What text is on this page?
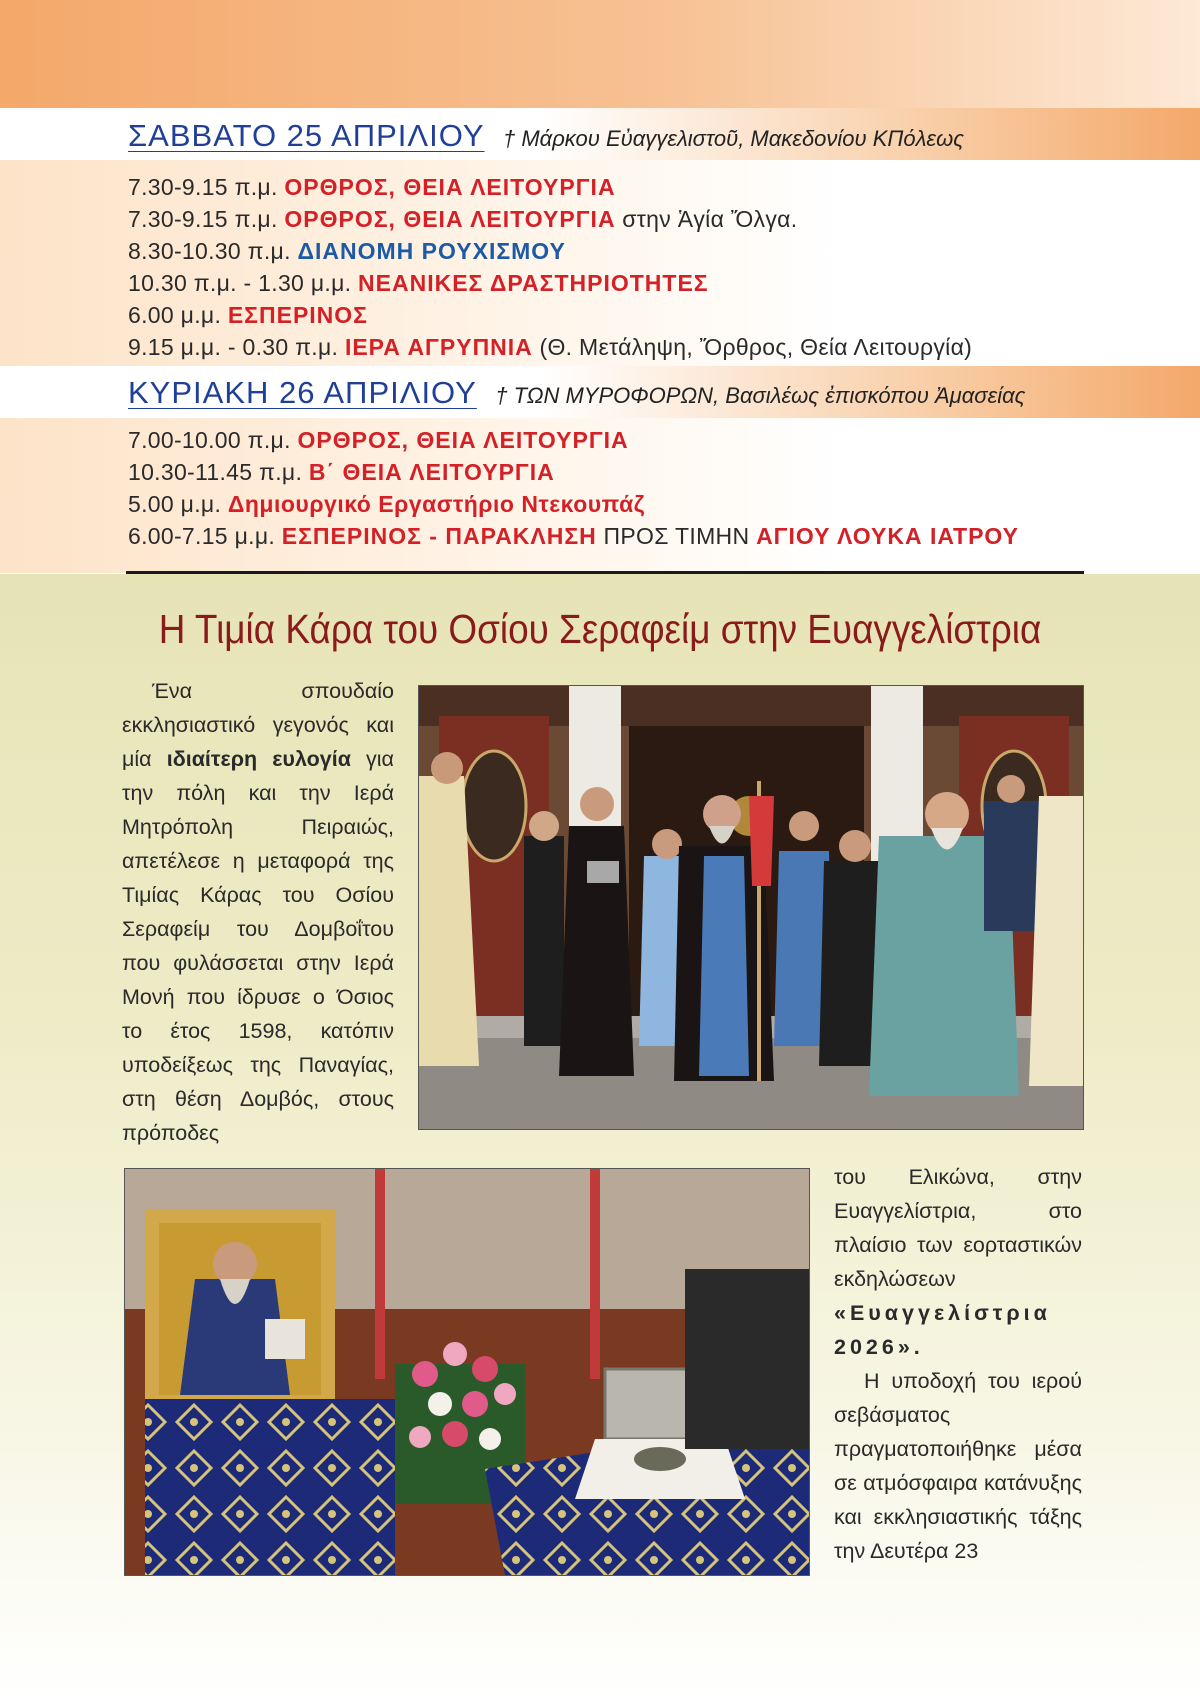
ΣΑΒΒΑΤΟ 25 ΑΠΡΙΛΙΟΥ † Μάρκου Εὐαγγελιστοῦ, Μακεδονίου ΚΠόλεως
7.30-9.15 π.μ. ΟΡΘΡΟΣ, ΘΕΙΑ ΛΕΙΤΟΥΡΓΙΑ
7.30-9.15 π.μ. ΟΡΘΡΟΣ, ΘΕΙΑ ΛΕΙΤΟΥΡΓΙΑ στην Ἁγία Ὄλγα.
8.30-10.30 π.μ. ΔΙΑΝΟΜΗ ΡΟΥΧΙΣΜΟΥ
10.30 π.μ. - 1.30 μ.μ. ΝΕΑΝΙΚΕΣ ΔΡΑΣΤΗΡΙΟΤΗΤΕΣ
6.00 μ.μ. ΕΣΠΕΡΙΝΟΣ
9.15 μ.μ. - 0.30 π.μ. ΙΕΡΑ ΑΓΡΥΠΝΙΑ (Θ. Μετάληψη, Ὄρθρος, Θεία Λειτουργία)
ΚΥΡΙΑΚΗ 26 ΑΠΡΙΛΙΟΥ † ΤΩΝ ΜΥΡΟΦΟΡΩΝ, Βασιλέως ἐπισκόπου Ἀμασείας
7.00-10.00 π.μ. ΟΡΘΡΟΣ, ΘΕΙΑ ΛΕΙΤΟΥΡΓΙΑ
10.30-11.45 π.μ. Β΄ ΘΕΙΑ ΛΕΙΤΟΥΡΓΙΑ
5.00 μ.μ. Δημιουργικό Εργαστήριο Ντεκουπάζ
6.00-7.15 μ.μ. ΕΣΠΕΡΙΝΟΣ - ΠΑΡΑΚΛΗΣΗ ΠΡΟΣ ΤΙΜΗΝ ΑΓΙΟΥ ΛΟΥΚΑ ΙΑΤΡΟΥ
Η Τιμία Κάρα του Οσίου Σεραφείμ στην Ευαγγελίστρια
Ένα σπουδαίο εκκλησιαστικό γεγονός και μία ιδιαίτερη ευλογία για την πόλη και την Ιερά Μητρόπολη Πειραιώς, απετέλεσε η μεταφορά της Τιμίας Κάρας του Οσίου Σεραφείμ του Δομβοΐτου που φυλάσσεται στην Ιερά Μονή που ίδρυσε ο Όσιος το έτος 1598, κατόπιν υποδείξεως της Παναγίας, στη θέση Δομβός, στους πρόποδες
του Ελικώνα, στην Ευαγγελίστρια, στο πλαίσιο των εορταστικών εκδηλώσεων «Ευαγγελίστρια 2026».
Η υποδοχή του ιερού σεβάσματος πραγματοποιήθηκε μέσα σε ατμόσφαιρα κατάνυξης και εκκλησιαστικής τάξης την Δευτέρα 23
